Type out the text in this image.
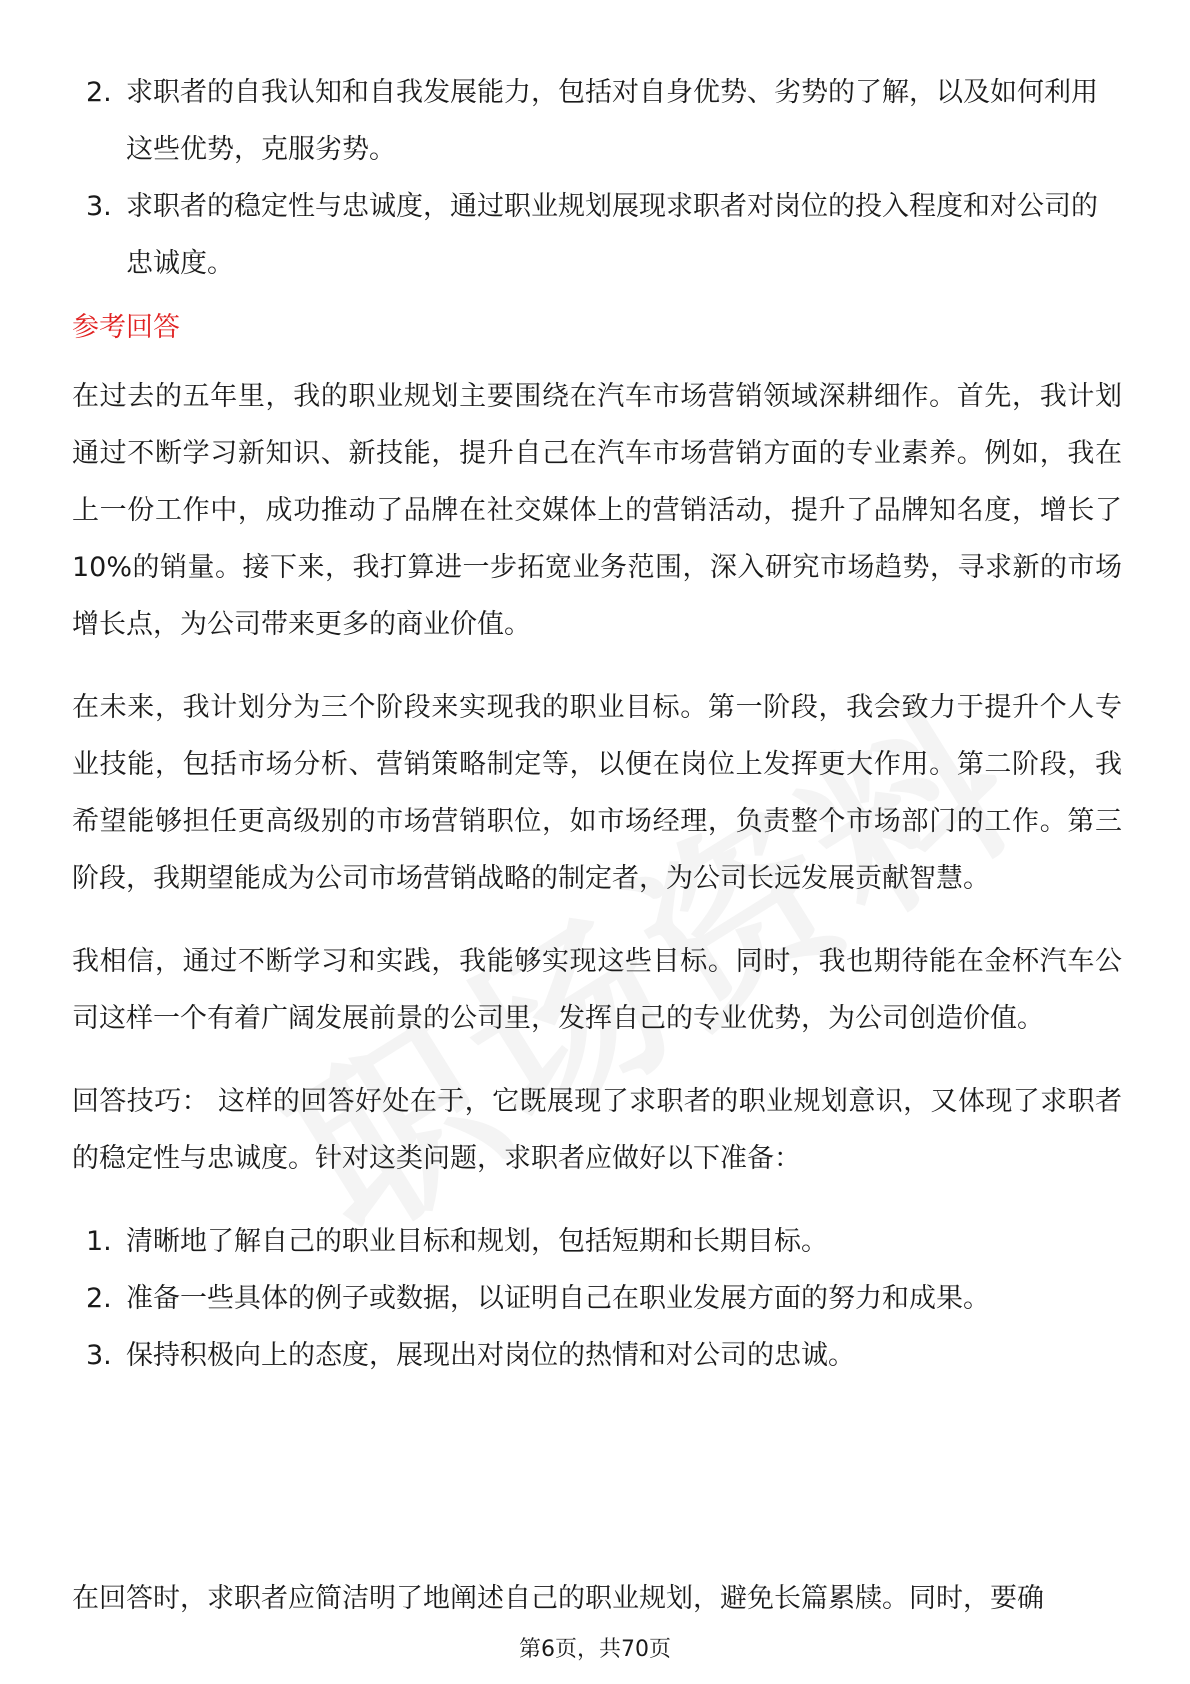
2. 求职者的自我认知和自我发展能力，包括对自身优势、劣势的了解，以及如何利用这些优势，克服劣势。
3. 求职者的稳定性与忠诚度，通过职业规划展现求职者对岗位的投入程度和对公司的忠诚度。
参考回答

在过去的五年里，我的职业规划主要围绕在汽车市场营销领域深耕细作。首先，我计划通过不断学习新知识、新技能，提升自己在汽车市场营销方面的专业素养。例如，我在上一份工作中，成功推动了品牌在社交媒体上的营销活动，提升了品牌知名度，增长了10%的销量。接下来，我打算进一步拓宽业务范围，深入研究市场趋势，寻求新的市场增长点，为公司带来更多的商业价值。

在未来，我计划分为三个阶段来实现我的职业目标。第一阶段，我会致力于提升个人专业技能，包括市场分析、营销策略制定等，以便在岗位上发挥更大作用。第二阶段，我希望能够担任更高级别的市场营销职位，如市场经理，负责整个市场部门的工作。第三阶段，我期望能成为公司市场营销战略的制定者，为公司长远发展贡献智慧。

我相信，通过不断学习和实践，我能够实现这些目标。同时，我也期待能在金杯汽车公司这样一个有着广阔发展前景的公司里，发挥自己的专业优势，为公司创造价值。

回答技巧： 这样的回答好处在于，它既展现了求职者的职业规划意识，又体现了求职者的稳定性与忠诚度。针对这类问题，求职者应做好以下准备：

1. 清晰地了解自己的职业目标和规划，包括短期和长期目标。
2. 准备一些具体的例子或数据，以证明自己在职业发展方面的努力和成果。
3. 保持积极向上的态度，展现出对岗位的热情和对公司的忠诚。

在回答时，求职者应简洁明了地阐述自己的职业规划，避免长篇累牍。同时，要确

第6页，共70页
